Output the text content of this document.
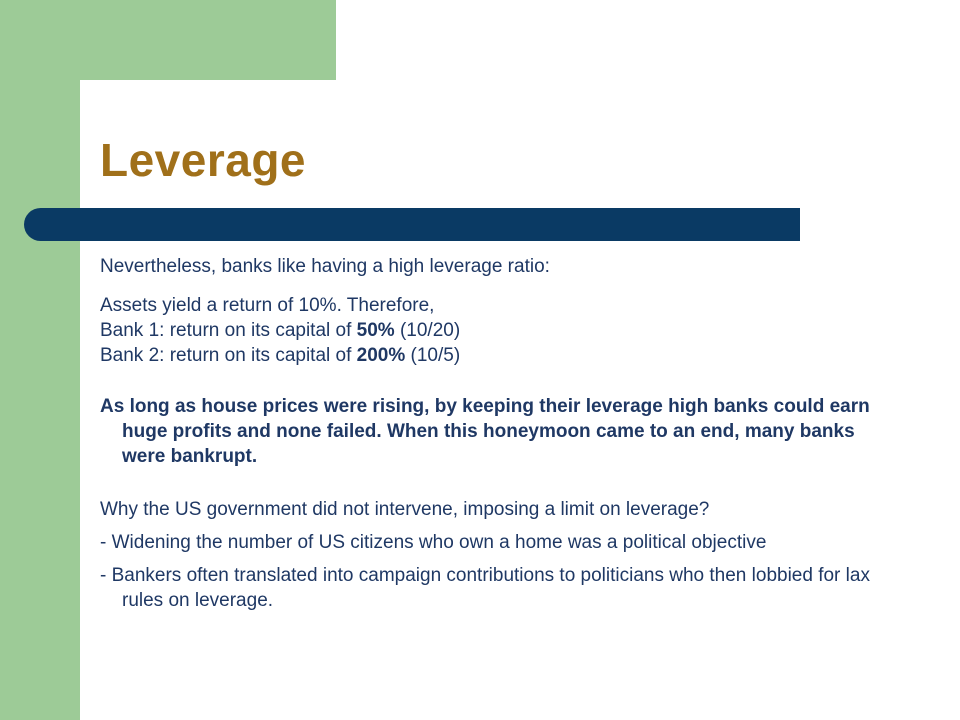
Leverage

Nevertheless, banks like having a high leverage ratio:

Assets yield a return of 10%. Therefore,

Bank 1: return on its capital of 50% (10/20)

Bank 2: return on its capital of 200% (10/5)

As long as house prices were rising, by keeping their leverage high banks could earn huge profits and none failed. When this honeymoon came to an end, many banks were bankrupt.

Why the US government did not intervene, imposing a limit on leverage?

- Widening the number of US citizens who own a home was a political objective

- Bankers often translated into campaign contributions to politicians who then lobbied for lax rules on leverage.
